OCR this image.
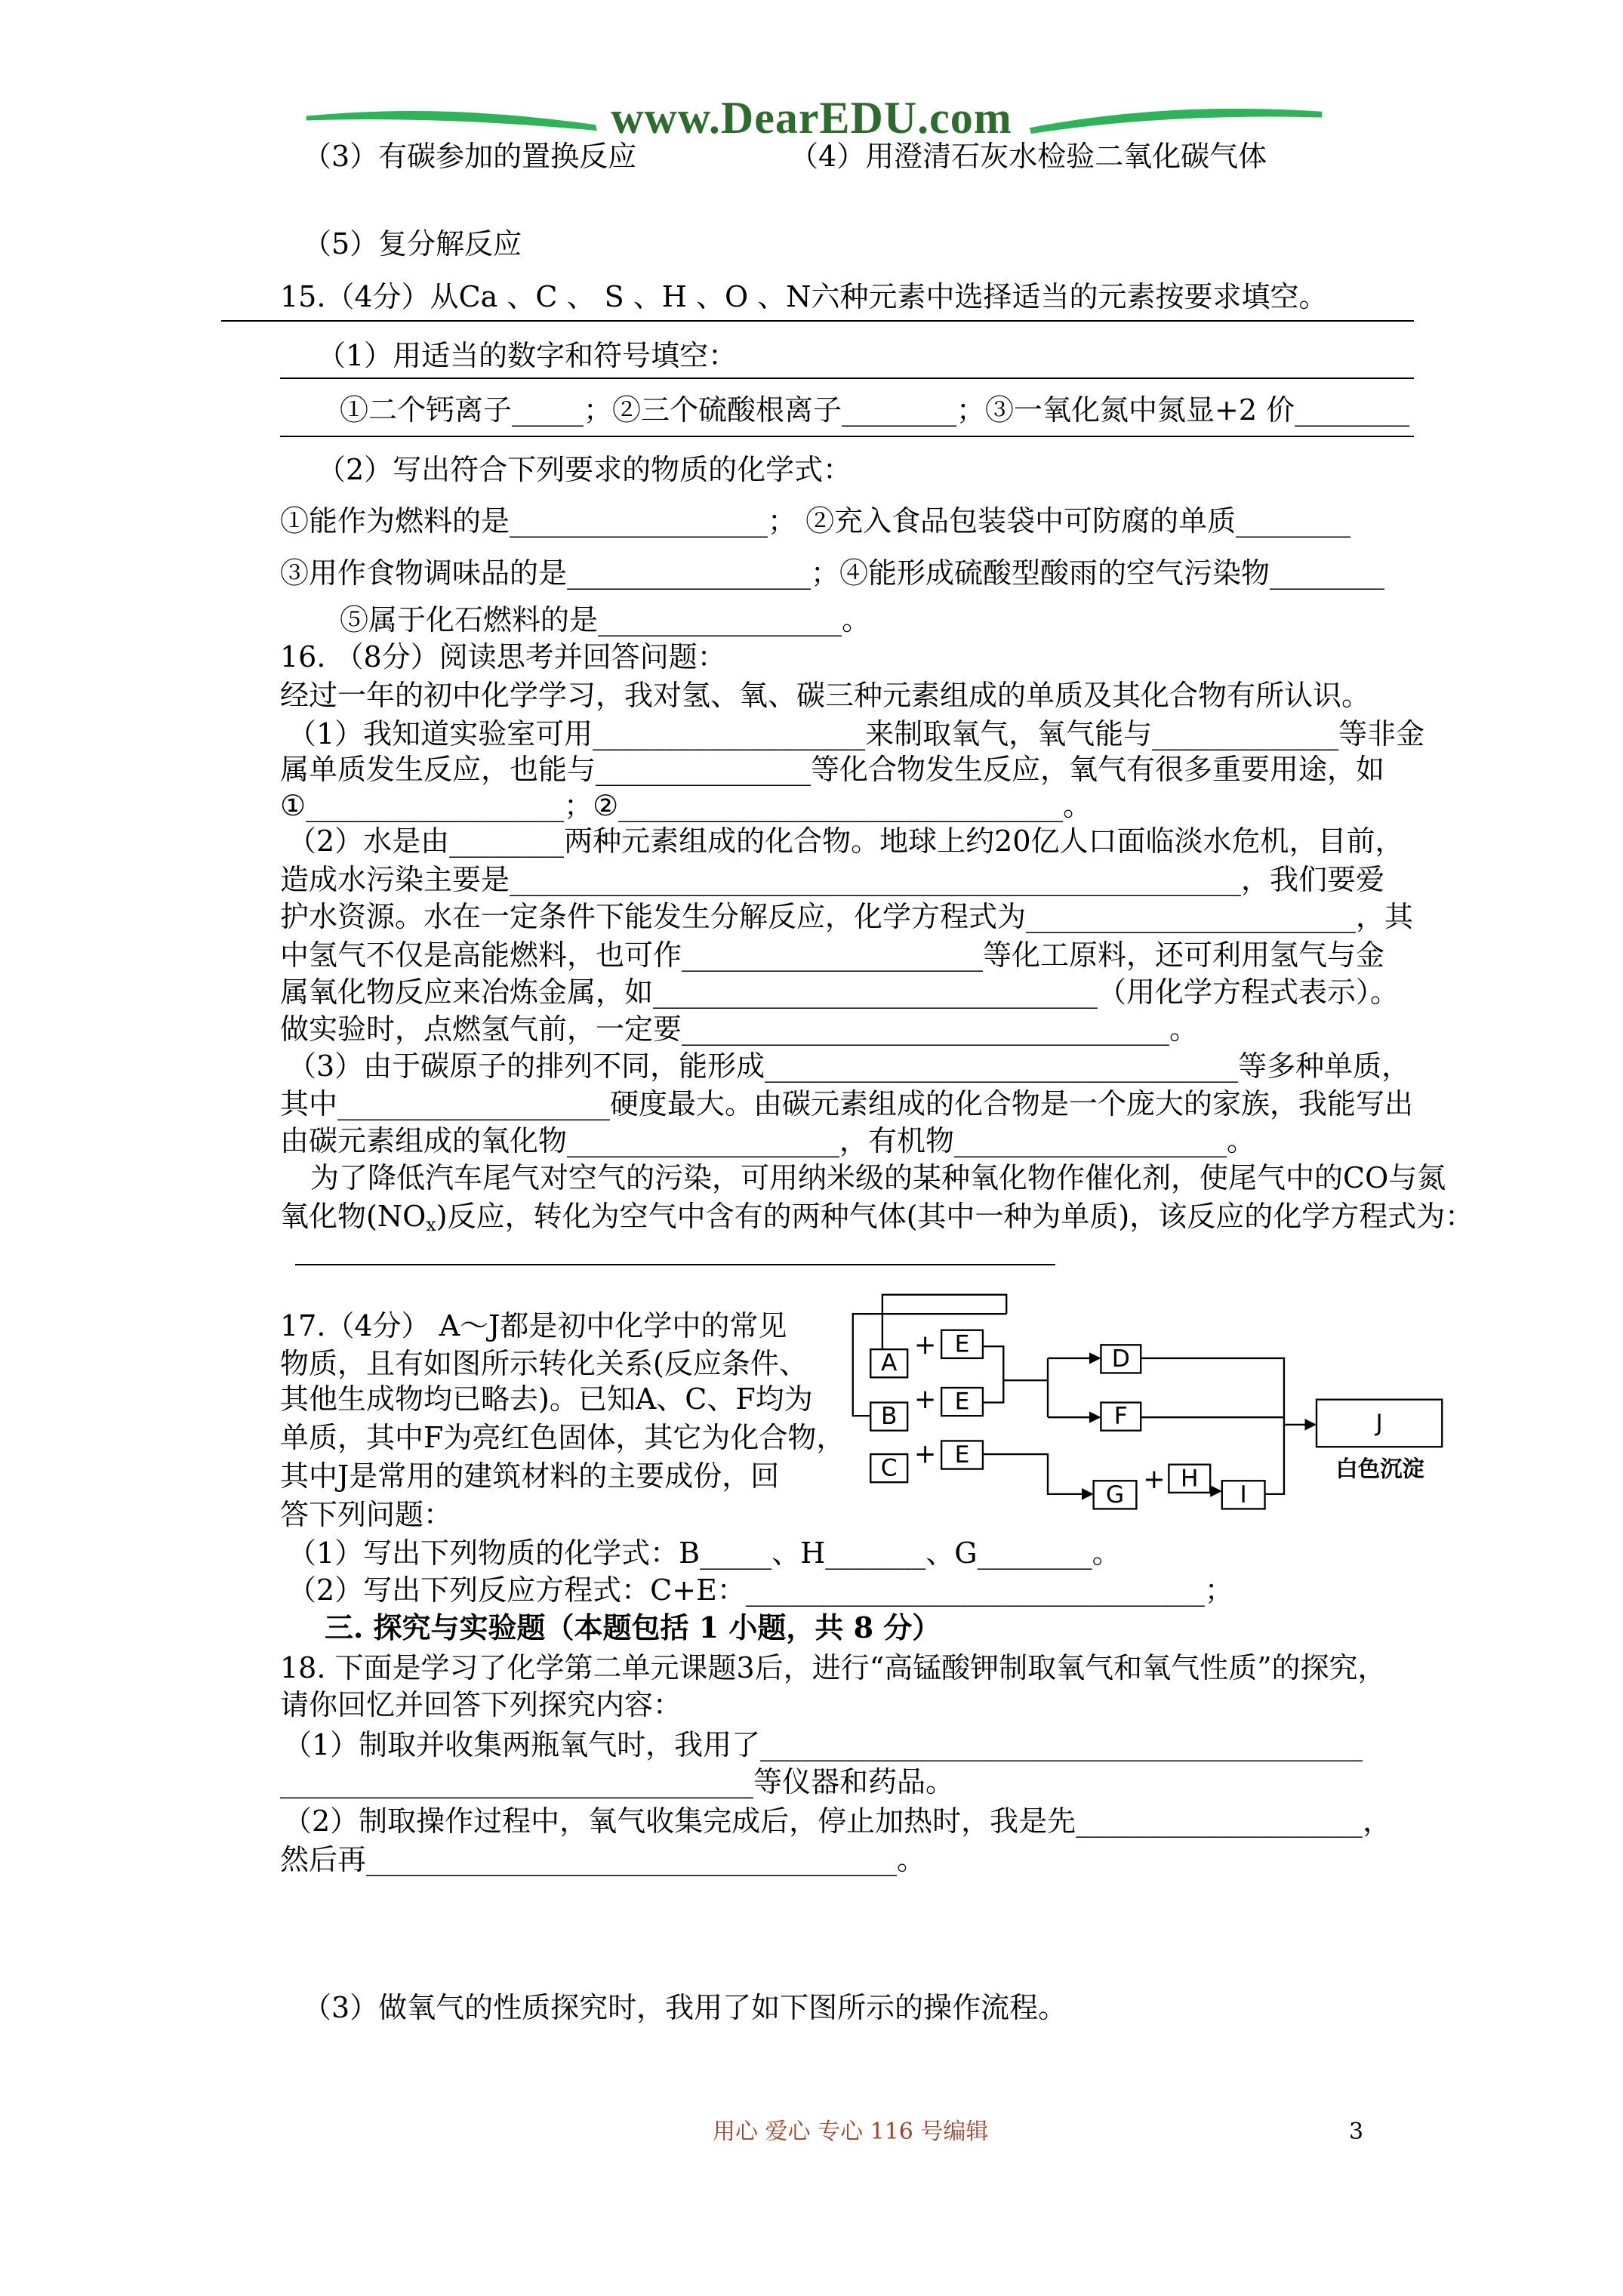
www.DearEDU.com
（3）有碳参加的置换反应	（4）用澄清石灰水检验二氧化碳气体
（5）复分解反应
15.（4分）从Ca 、C 、 S 、H 、O 、N六种元素中选择适当的元素按要求填空。
（1）用适当的数字和符号填空：
①二个钙离子_____；②三个硫酸根离子________；③一氧化氮中氮显+2 价________
（2）写出符合下列要求的物质的化学式：
①能作为燃料的是__________________； ②充入食品包装袋中可防腐的单质________
③用作食物调味品的是_________________；④能形成硫酸型酸雨的空气污染物________
⑤属于化石燃料的是_________________。
16. （8分）阅读思考并回答问题：
经过一年的初中化学学习，我对氢、氧、碳三种元素组成的单质及其化合物有所认识。
（1）我知道实验室可用___________________来制取氧气，氧气能与_____________等非金
属单质发生反应，也能与_______________等化合物发生反应，氧气有很多重要用途，如
①__________________；②_______________________________。
（2）水是由________两种元素组成的化合物。地球上约20亿人口面临淡水危机，目前，
造成水污染主要是___________________________________________________，我们要爱
护水资源。水在一定条件下能发生分解反应，化学方程式为_______________________，其
中氢气不仅是高能燃料，也可作_____________________等化工原料，还可利用氢气与金
属氧化物反应来冶炼金属，如_______________________________（用化学方程式表示）。
做实验时，点燃氢气前，一定要__________________________________。
（3）由于碳原子的排列不同，能形成_________________________________等多种单质，
其中___________________硬度最大。由碳元素组成的化合物是一个庞大的家族，我能写出
由碳元素组成的氧化物___________________，有机物___________________。
为了降低汽车尾气对空气的污染，可用纳米级的某种氧化物作催化剂，使尾气中的CO与氮
氧化物$(NO_x)$反应，转化为空气中含有的两种气体(其中一种为单质)，该反应的化学方程式为：
17.（4分） A～J都是初中化学中的常见
物质，且有如图所示转化关系(反应条件、
其他生成物均已略去)。已知A、C、F均为
单质，其中F为亮红色固体，其它为化合物，
其中J是常用的建筑材料的主要成份，回
答下列问题：
A
+ E
B
+ E
C + E
D
F
G
+ H
I
J
白色沉淀
（1）写出下列物质的化学式：B_____、H_______、G________。
（2）写出下列反应方程式：C+E：________________________________；
三. 探究与实验题（本题包括 1 小题，共 8 分）
18. 下面是学习了化学第二单元课题3后，进行“高锰酸钾制取氧气和氧气性质”的探究，
请你回忆并回答下列探究内容：
（1）制取并收集两瓶氧气时，我用了__________________________________________
_________________________________等仪器和药品。
（2）制取操作过程中，氧气收集完成后，停止加热时，我是先____________________，
然后再_____________________________________。
（3）做氧气的性质探究时，我用了如下图所示的操作流程。
用心 爱心 专心 116 号编辑	3
